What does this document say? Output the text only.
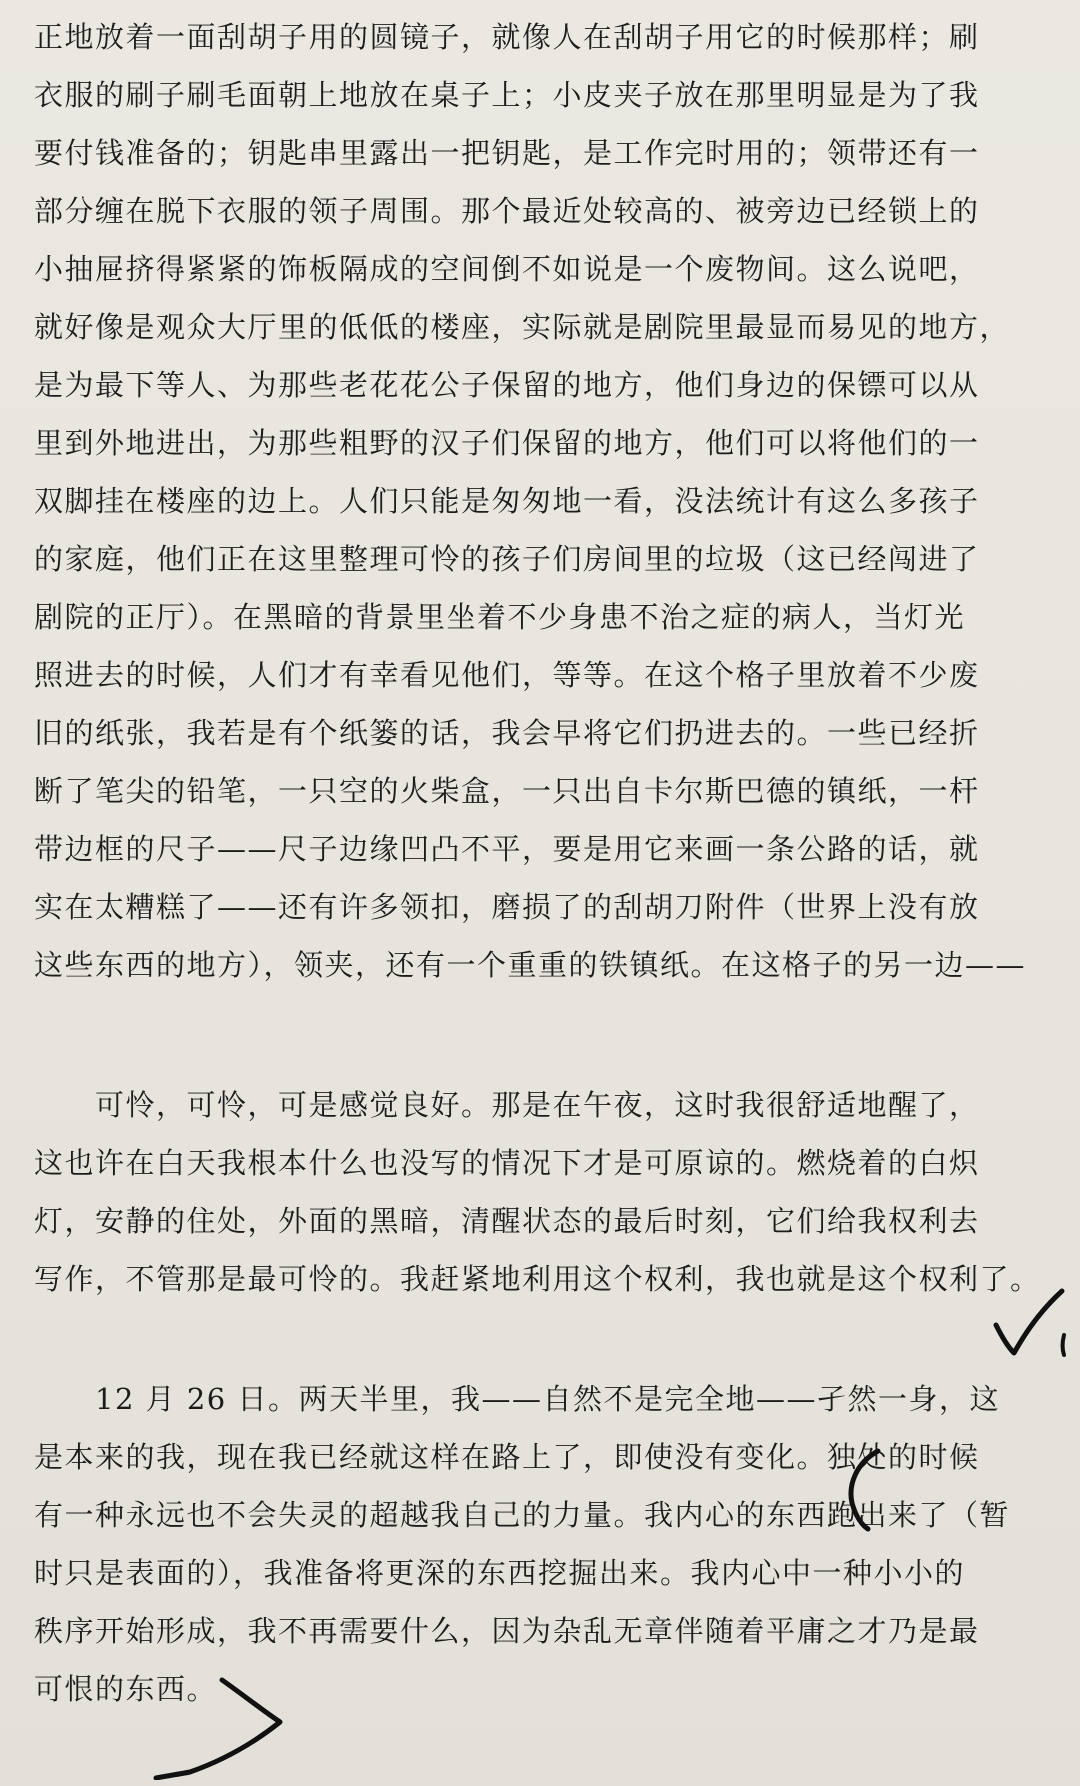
正地放着一面刮胡子用的圆镜子，就像人在刮胡子用它的时候那样；刷
衣服的刷子刷毛面朝上地放在桌子上；小皮夹子放在那里明显是为了我
要付钱准备的；钥匙串里露出一把钥匙，是工作完时用的；领带还有一
部分缠在脱下衣服的领子周围。那个最近处较高的、被旁边已经锁上的
小抽屉挤得紧紧的饰板隔成的空间倒不如说是一个废物间。这么说吧，
就好像是观众大厅里的低低的楼座，实际就是剧院里最显而易见的地方，
是为最下等人、为那些老花花公子保留的地方，他们身边的保镖可以从
里到外地进出，为那些粗野的汉子们保留的地方，他们可以将他们的一
双脚挂在楼座的边上。人们只能是匆匆地一看，没法统计有这么多孩子
的家庭，他们正在这里整理可怜的孩子们房间里的垃圾（这已经闯进了
剧院的正厅）。在黑暗的背景里坐着不少身患不治之症的病人，当灯光
照进去的时候，人们才有幸看见他们，等等。在这个格子里放着不少废
旧的纸张，我若是有个纸篓的话，我会早将它们扔进去的。一些已经折
断了笔尖的铅笔，一只空的火柴盒，一只出自卡尔斯巴德的镇纸，一杆
带边框的尺子——尺子边缘凹凸不平，要是用它来画一条公路的话，就
实在太糟糕了——还有许多领扣，磨损了的刮胡刀附件（世界上没有放
这些东西的地方），领夹，还有一个重重的铁镇纸。在这格子的另一边——
　　可怜，可怜，可是感觉良好。那是在午夜，这时我很舒适地醒了，
这也许在白天我根本什么也没写的情况下才是可原谅的。燃烧着的白炽
灯，安静的住处，外面的黑暗，清醒状态的最后时刻，它们给我权利去
写作，不管那是最可怜的。我赶紧地利用这个权利，我也就是这个权利了。
　　12 月 26 日。两天半里，我——自然不是完全地——孑然一身，这
是本来的我，现在我已经就这样在路上了，即使没有变化。独处的时候
有一种永远也不会失灵的超越我自己的力量。我内心的东西跑出来了（暂
时只是表面的），我准备将更深的东西挖掘出来。我内心中一种小小的
秩序开始形成，我不再需要什么，因为杂乱无章伴随着平庸之才乃是最
可恨的东西。
